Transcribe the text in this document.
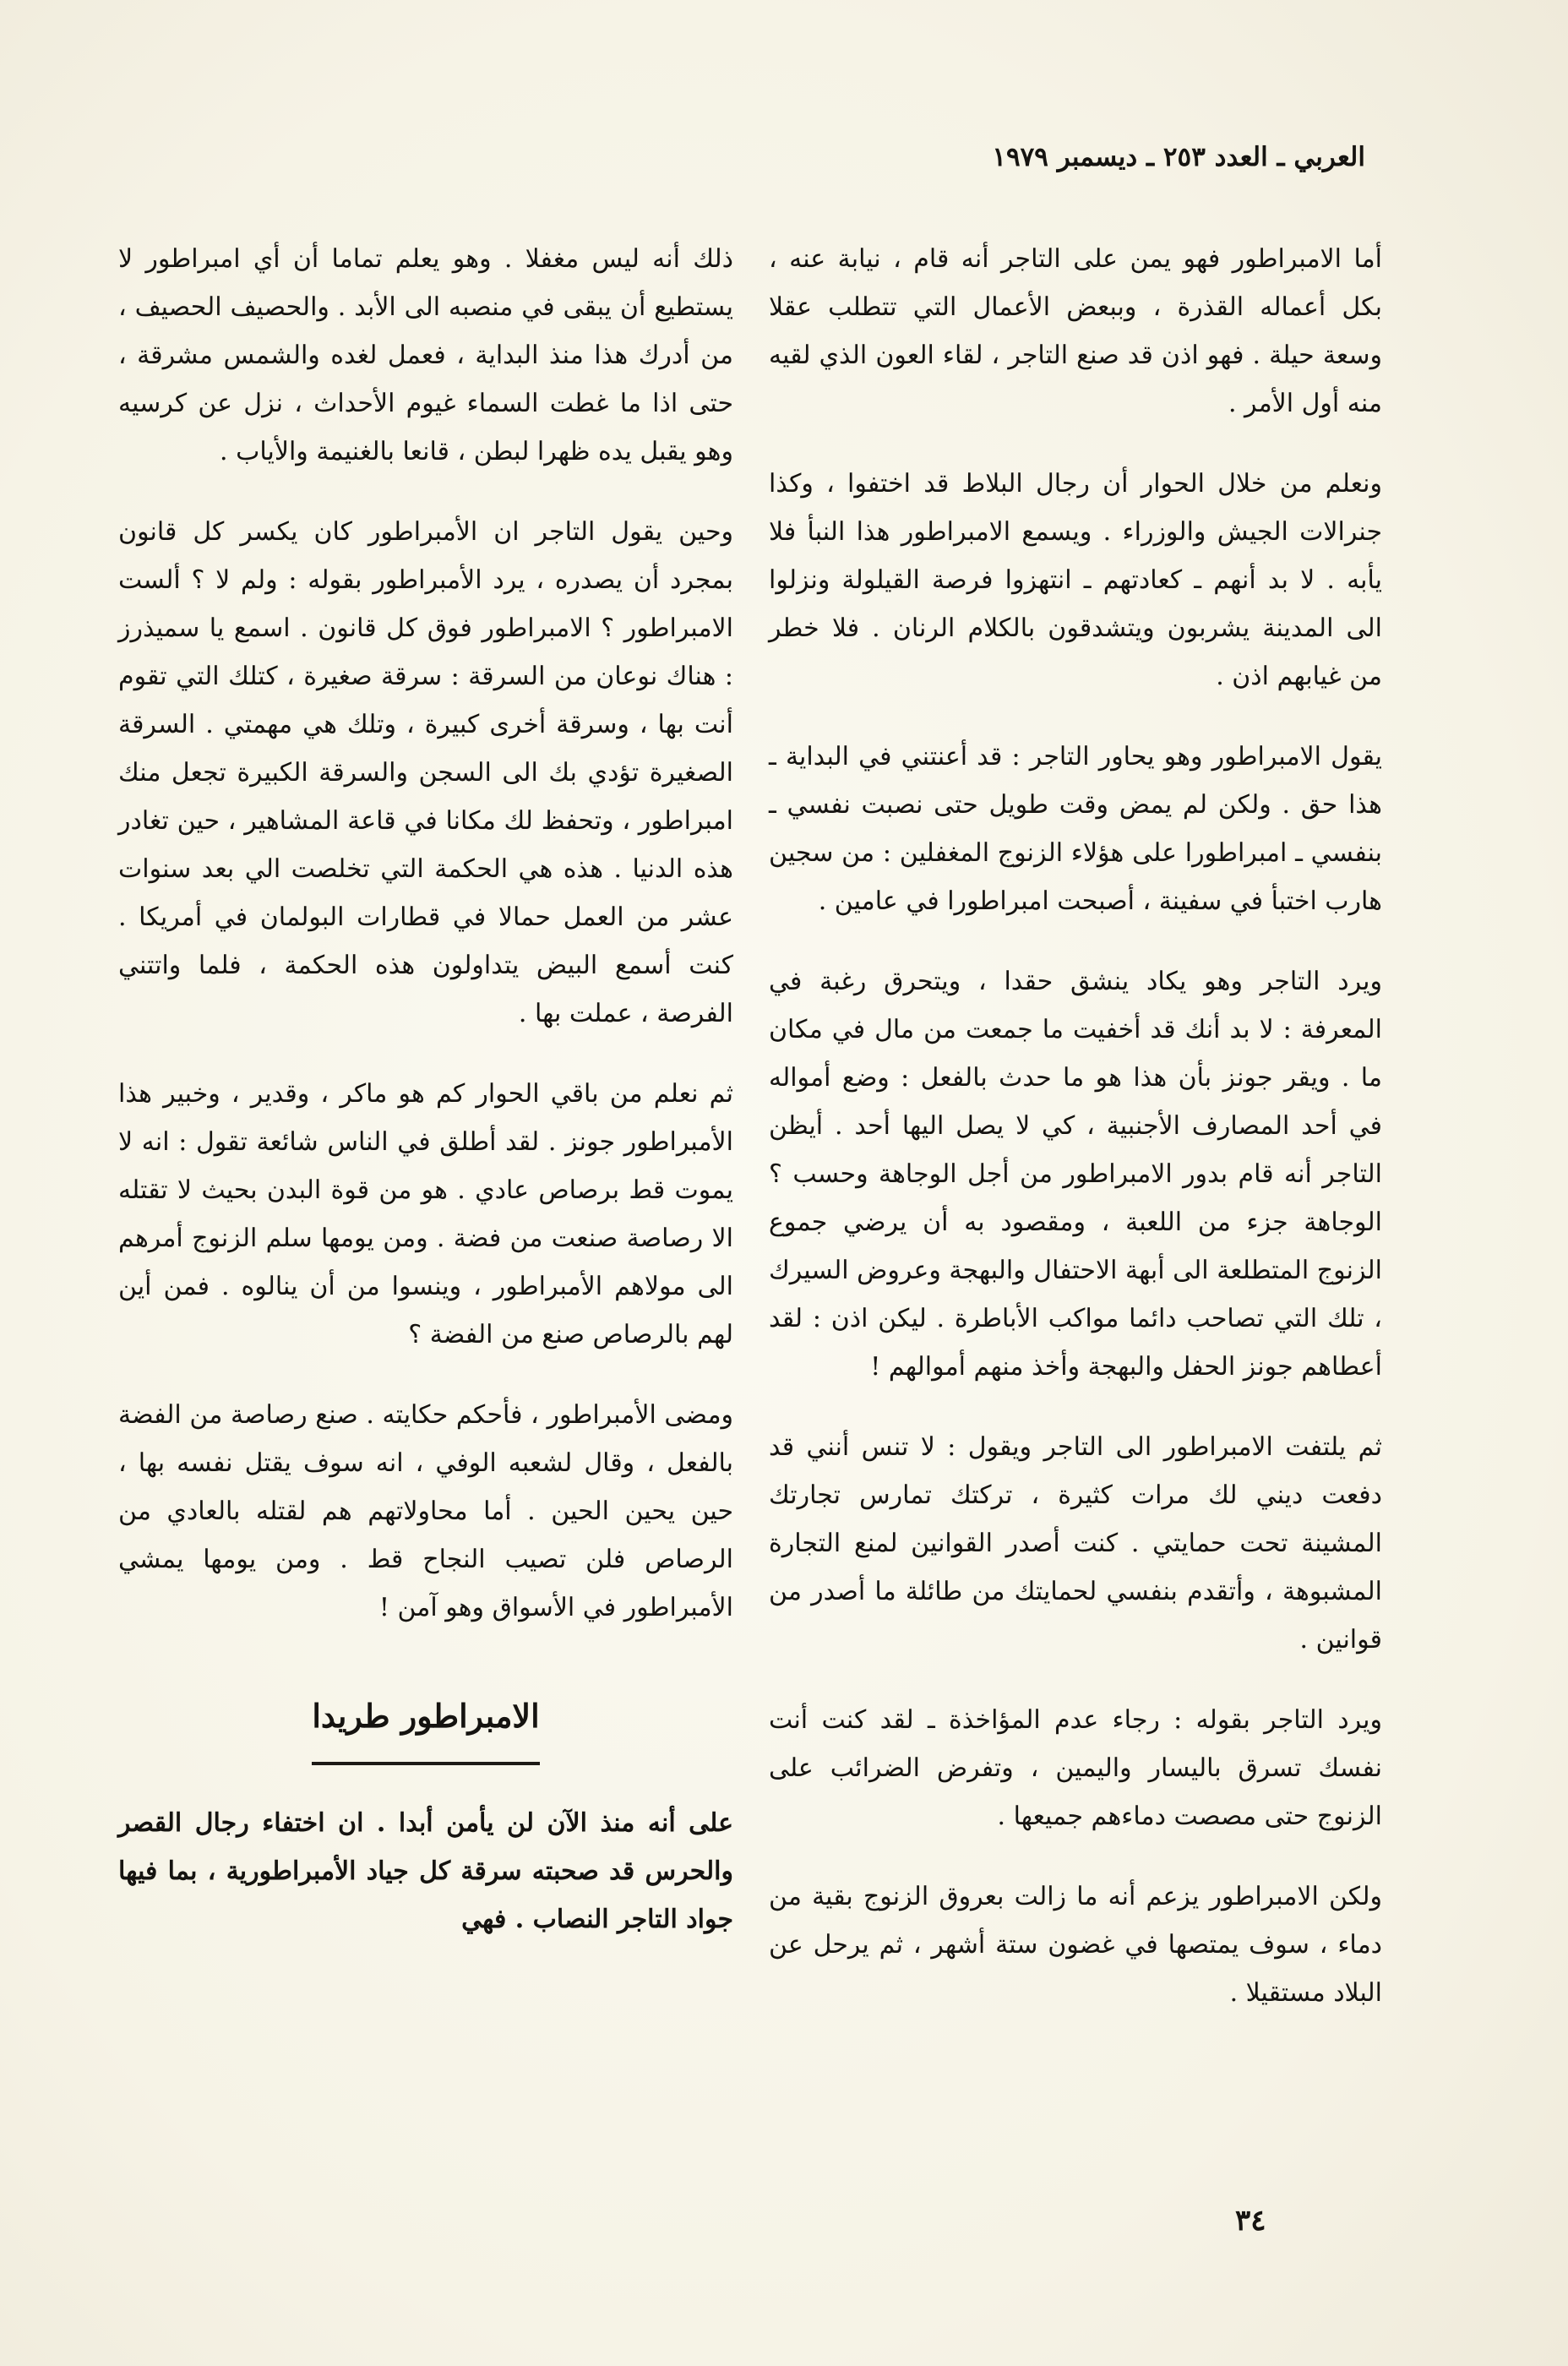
العربي ـ العدد ٢٥٣ ـ ديسمبر ١٩٧٩

أما الامبراطور فهو يمن على التاجر أنه قام ، نيابة عنه ، بكل أعماله القذرة ، وببعض الأعمال التي تتطلب عقلا وسعة حيلة . فهو اذن قد صنع التاجر ، لقاء العون الذي لقيه منه أول الأمر .

ونعلم من خلال الحوار أن رجال البلاط قد اختفوا ، وكذا جنرالات الجيش والوزراء . ويسمع الامبراطور هذا النبأ فلا يأبه . لا بد أنهم ـ كعادتهم ـ انتهزوا فرصة القيلولة ونزلوا الى المدينة يشربون ويتشدقون بالكلام الرنان . فلا خطر من غيابهم اذن .

يقول الامبراطور وهو يحاور التاجر : قد أعنتني في البداية ـ هذا حق . ولكن لم يمض وقت طويل حتى نصبت نفسي ـ بنفسي ـ امبراطورا على هؤلاء الزنوج المغفلين : من سجين هارب اختبأ في سفينة ، أصبحت امبراطورا في عامين .

ويرد التاجر وهو يكاد ينشق حقدا ، ويتحرق رغبة في المعرفة : لا بد أنك قد أخفيت ما جمعت من مال في مكان ما . ويقر جونز بأن هذا هو ما حدث بالفعل : وضع أمواله في أحد المصارف الأجنبية ، كي لا يصل اليها أحد . أيظن التاجر أنه قام بدور الامبراطور من أجل الوجاهة وحسب ؟ الوجاهة جزء من اللعبة ، ومقصود به أن يرضي جموع الزنوج المتطلعة الى أبهة الاحتفال والبهجة وعروض السيرك ، تلك التي تصاحب دائما مواكب الأباطرة . ليكن اذن : لقد أعطاهم جونز الحفل والبهجة وأخذ منهم أموالهم !

ثم يلتفت الامبراطور الى التاجر ويقول : لا تنس أنني قد دفعت ديني لك مرات كثيرة ، تركتك تمارس تجارتك المشينة تحت حمايتي . كنت أصدر القوانين لمنع التجارة المشبوهة ، وأتقدم بنفسي لحمايتك من طائلة ما أصدر من قوانين .

ويرد التاجر بقوله : رجاء عدم المؤاخذة ـ لقد كنت أنت نفسك تسرق باليسار واليمين ، وتفرض الضرائب على الزنوج حتى مصصت دماءهم جميعها .

ولكن الامبراطور يزعم أنه ما زالت بعروق الزنوج بقية من دماء ، سوف يمتصها في غضون ستة أشهر ، ثم يرحل عن البلاد مستقيلا .

ذلك أنه ليس مغفلا . وهو يعلم تماما أن أي امبراطور لا يستطيع أن يبقى في منصبه الى الأبد . والحصيف الحصيف ، من أدرك هذا منذ البداية ، فعمل لغده والشمس مشرقة ، حتى اذا ما غطت السماء غيوم الأحداث ، نزل عن كرسيه وهو يقبل يده ظهرا لبطن ، قانعا بالغنيمة والأياب .

وحين يقول التاجر ان الأمبراطور كان يكسر كل قانون بمجرد أن يصدره ، يرد الأمبراطور بقوله : ولم لا ؟ ألست الامبراطور ؟ الامبراطور فوق كل قانون . اسمع يا سميذرز : هناك نوعان من السرقة : سرقة صغيرة ، كتلك التي تقوم أنت بها ، وسرقة أخرى كبيرة ، وتلك هي مهمتي . السرقة الصغيرة تؤدي بك الى السجن والسرقة الكبيرة تجعل منك امبراطور ، وتحفظ لك مكانا في قاعة المشاهير ، حين تغادر هذه الدنيا . هذه هي الحكمة التي تخلصت الي بعد سنوات عشر من العمل حمالا في قطارات البولمان في أمريكا . كنت أسمع البيض يتداولون هذه الحكمة ، فلما واتتني الفرصة ، عملت بها .

ثم نعلم من باقي الحوار كم هو ماكر ، وقدير ، وخبير هذا الأمبراطور جونز . لقد أطلق في الناس شائعة تقول : انه لا يموت قط برصاص عادي . هو من قوة البدن بحيث لا تقتله الا رصاصة صنعت من فضة . ومن يومها سلم الزنوج أمرهم الى مولاهم الأمبراطور ، وينسوا من أن ينالوه . فمن أين لهم بالرصاص صنع من الفضة ؟

ومضى الأمبراطور ، فأحكم حكايته . صنع رصاصة من الفضة بالفعل ، وقال لشعبه الوفي ، انه سوف يقتل نفسه بها ، حين يحين الحين . أما محاولاتهم هم لقتله بالعادي من الرصاص فلن تصيب النجاح قط . ومن يومها يمشي الأمبراطور في الأسواق وهو آمن !

الامبراطور طريدا

على أنه منذ الآن لن يأمن أبدا . ان اختفاء رجال القصر والحرس قد صحبته سرقة كل جياد الأمبراطورية ، بما فيها جواد التاجر النصاب . فهي

٣٤
